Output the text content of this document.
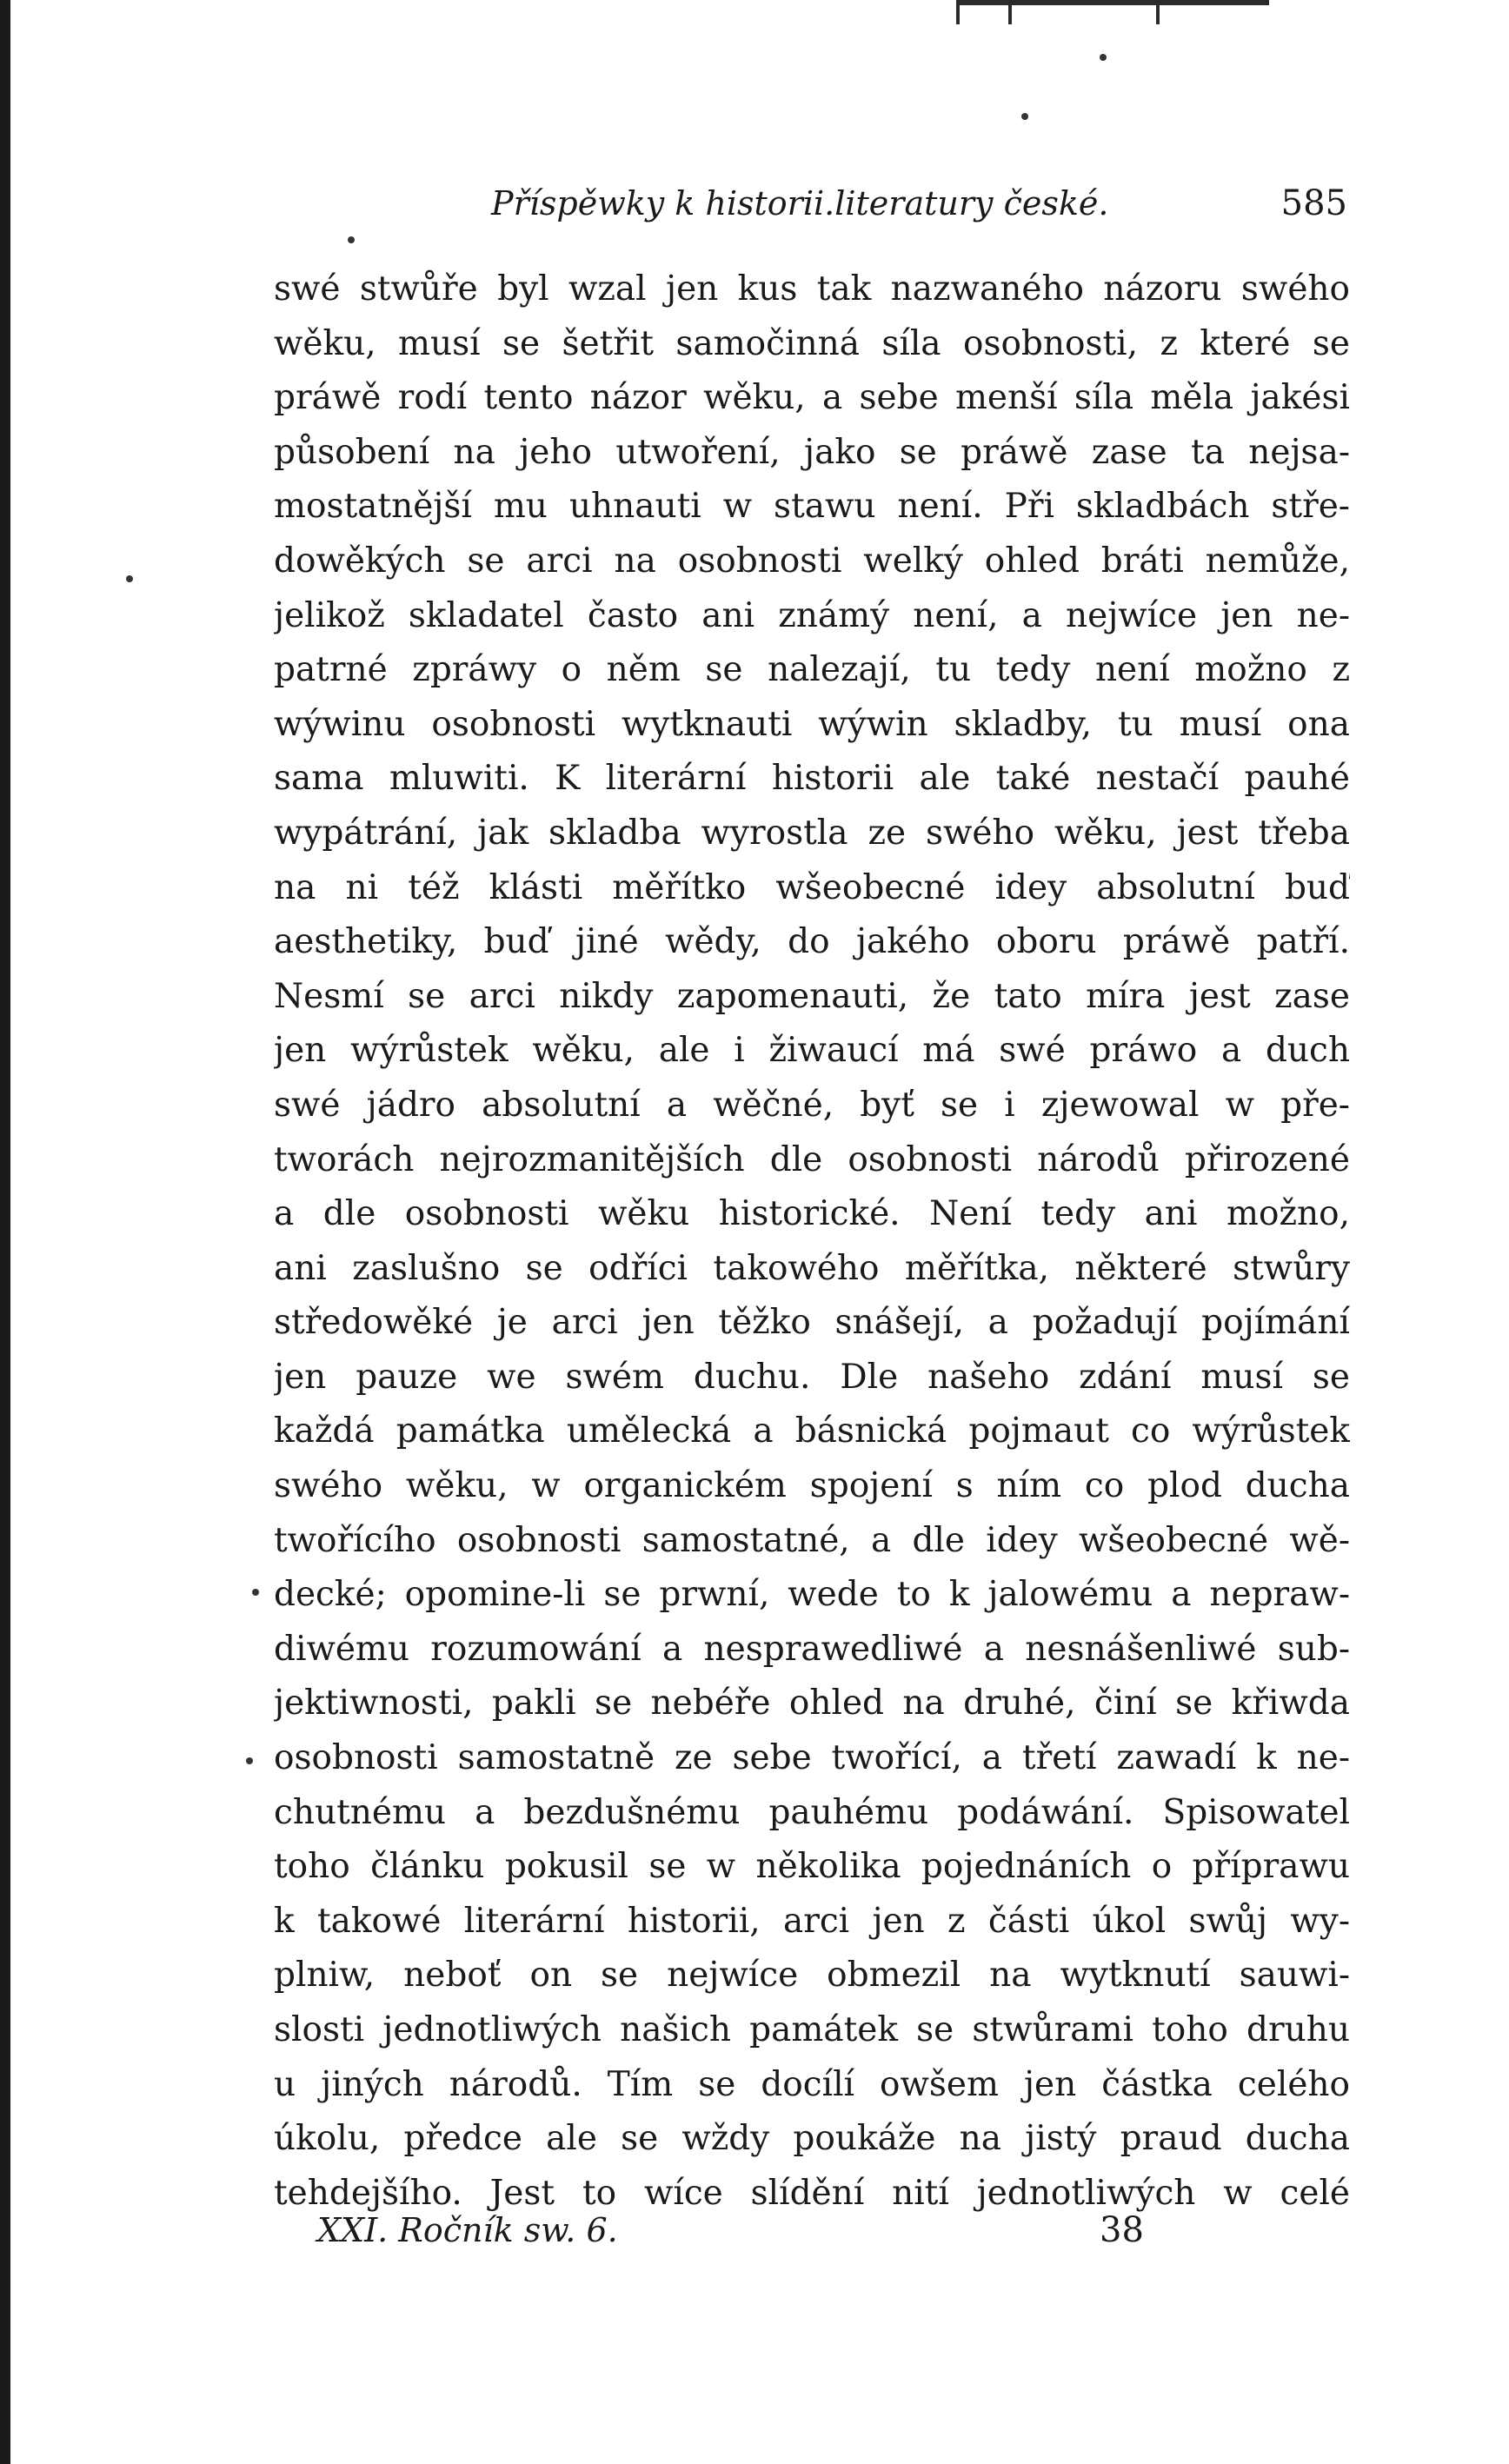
Příspěwky k historii.literatury české.	585
swé stwůře byl wzal jen kus tak nazwaného názoru swého
wěku, musí se šetřit samočinná síla osobnosti, z které se
práwě rodí tento názor wěku, a sebe menší síla měla jakési
působení na jeho utwoření, jako se práwě zase ta nejsa-
mostatnější mu uhnauti w stawu není. Při skladbách stře-
dowěkých se arci na osobnosti welký ohled bráti nemůže,
jelikož skladatel často ani známý není, a nejwíce jen ne-
patrné zpráwy o něm se nalezají, tu tedy není možno z
wýwinu osobnosti wytknauti wýwin skladby, tu musí ona
sama mluwiti. K literární historii ale také nestačí pauhé
wypátrání, jak skladba wyrostla ze swého wěku, jest třeba
na ni též klásti měřítko wšeobecné idey absolutní buď
aesthetiky, buď jiné wědy, do jakého oboru práwě patří.
Nesmí se arci nikdy zapomenauti, že tato míra jest zase
jen wýrůstek wěku, ale i žiwaucí má swé práwo a duch
swé jádro absolutní a wěčné, byť se i zjewowal w pře-
tworách nejrozmanitějších dle osobnosti národů přirozené
a dle osobnosti wěku historické. Není tedy ani možno,
ani zaslušno se odříci takowého měřítka, některé stwůry
středowěké je arci jen těžko snášejí, a požadují pojímání
jen pauze we swém duchu. Dle našeho zdání musí se
každá památka umělecká a básnická pojmaut co wýrůstek
swého wěku, w organickém spojení s ním co plod ducha
twořícího osobnosti samostatné, a dle idey wšeobecné wě-
decké; opomine-li se prwní, wede to k jalowému a nepraw-
diwému rozumowání a nesprawedliwé a nesnášenliwé sub-
jektiwnosti, pakli se nebéře ohled na druhé, činí se křiwda
osobnosti samostatně ze sebe twořící, a třetí zawadí k ne-
chutnému a bezdušnému pauhému podáwání. Spisowatel
toho článku pokusil se w několika pojednáních o příprawu
k takowé literární historii, arci jen z části úkol swůj wy-
plniw, neboť on se nejwíce obmezil na wytknutí sauwi-
slosti jednotliwých našich památek se stwůrami toho druhu
u jiných národů. Tím se docílí owšem jen částka celého
úkolu, předce ale se wždy poukáže na jistý praud ducha
tehdejšího. Jest to wíce slídění nití jednotliwých w celé
XXI. Ročník sw. 6.	38
